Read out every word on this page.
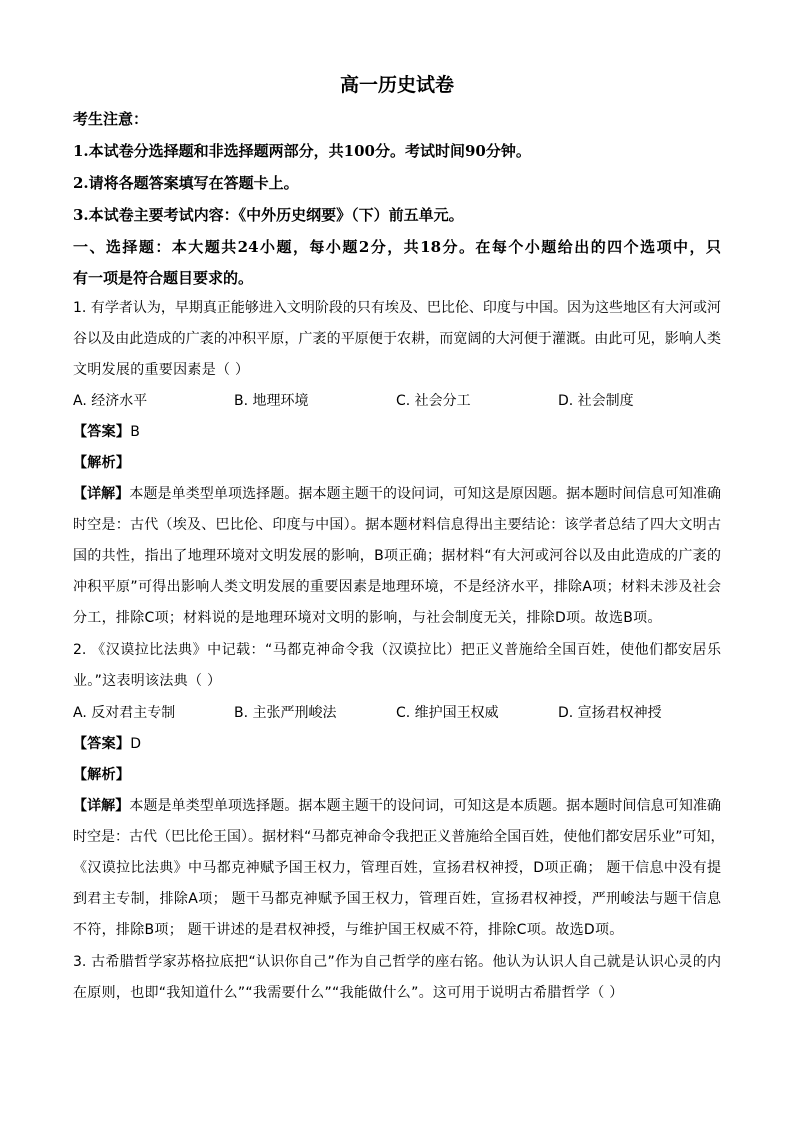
高一历史试卷
考生注意：
1.本试卷分选择题和非选择题两部分，共100分。考试时间90分钟。
2.请将各题答案填写在答题卡上。
3.本试卷主要考试内容：《中外历史纲要》（下）前五单元。
一、选择题：本大题共24小题，每小题2分，共18分。在每个小题给出的四个选项中，只
有一项是符合题目要求的。
1. 有学者认为，早期真正能够进入文明阶段的只有埃及、巴比伦、印度与中国。因为这些地区有大河或河
谷以及由此造成的广袤的冲积平原，广袤的平原便于农耕，而宽阔的大河便于灌溉。由此可见，影响人类
文明发展的重要因素是（ ）
A. 经济水平	B. 地理环境	C. 社会分工	D. 社会制度
【答案】B
【解析】
【详解】本题是单类型单项选择题。据本题主题干的设问词，可知这是原因题。据本题时间信息可知准确
时空是：古代（埃及、巴比伦、印度与中国）。据本题材料信息得出主要结论：该学者总结了四大文明古
国的共性，指出了地理环境对文明发展的影响，B项正确；据材料“有大河或河谷以及由此造成的广袤的
冲积平原”可得出影响人类文明发展的重要因素是地理环境，不是经济水平，排除A项；材料未涉及社会
分工，排除C项；材料说的是地理环境对文明的影响，与社会制度无关，排除D项。故选B项。
2. 《汉谟拉比法典》中记载：“马都克神命令我（汉谟拉比）把正义普施给全国百姓，使他们都安居乐
业。”这表明该法典（ ）
A. 反对君主专制	B. 主张严刑峻法	C. 维护国王权威	D. 宣扬君权神授
【答案】D
【解析】
【详解】本题是单类型单项选择题。据本题主题干的设问词，可知这是本质题。据本题时间信息可知准确
时空是：古代（巴比伦王国）。据材料“马都克神命令我把正义普施给全国百姓，使他们都安居乐业”可知，
《汉谟拉比法典》中马都克神赋予国王权力，管理百姓，宣扬君权神授，D项正确； 题干信息中没有提
到君主专制，排除A项； 题干马都克神赋予国王权力，管理百姓，宣扬君权神授，严刑峻法与题干信息
不符，排除B项； 题干讲述的是君权神授，与维护国王权威不符，排除C项。故选D项。
3. 古希腊哲学家苏格拉底把“认识你自己”作为自己哲学的座右铭。他认为认识人自己就是认识心灵的内
在原则，也即“我知道什么”“我需要什么”“我能做什么”。这可用于说明古希腊哲学（ ）
